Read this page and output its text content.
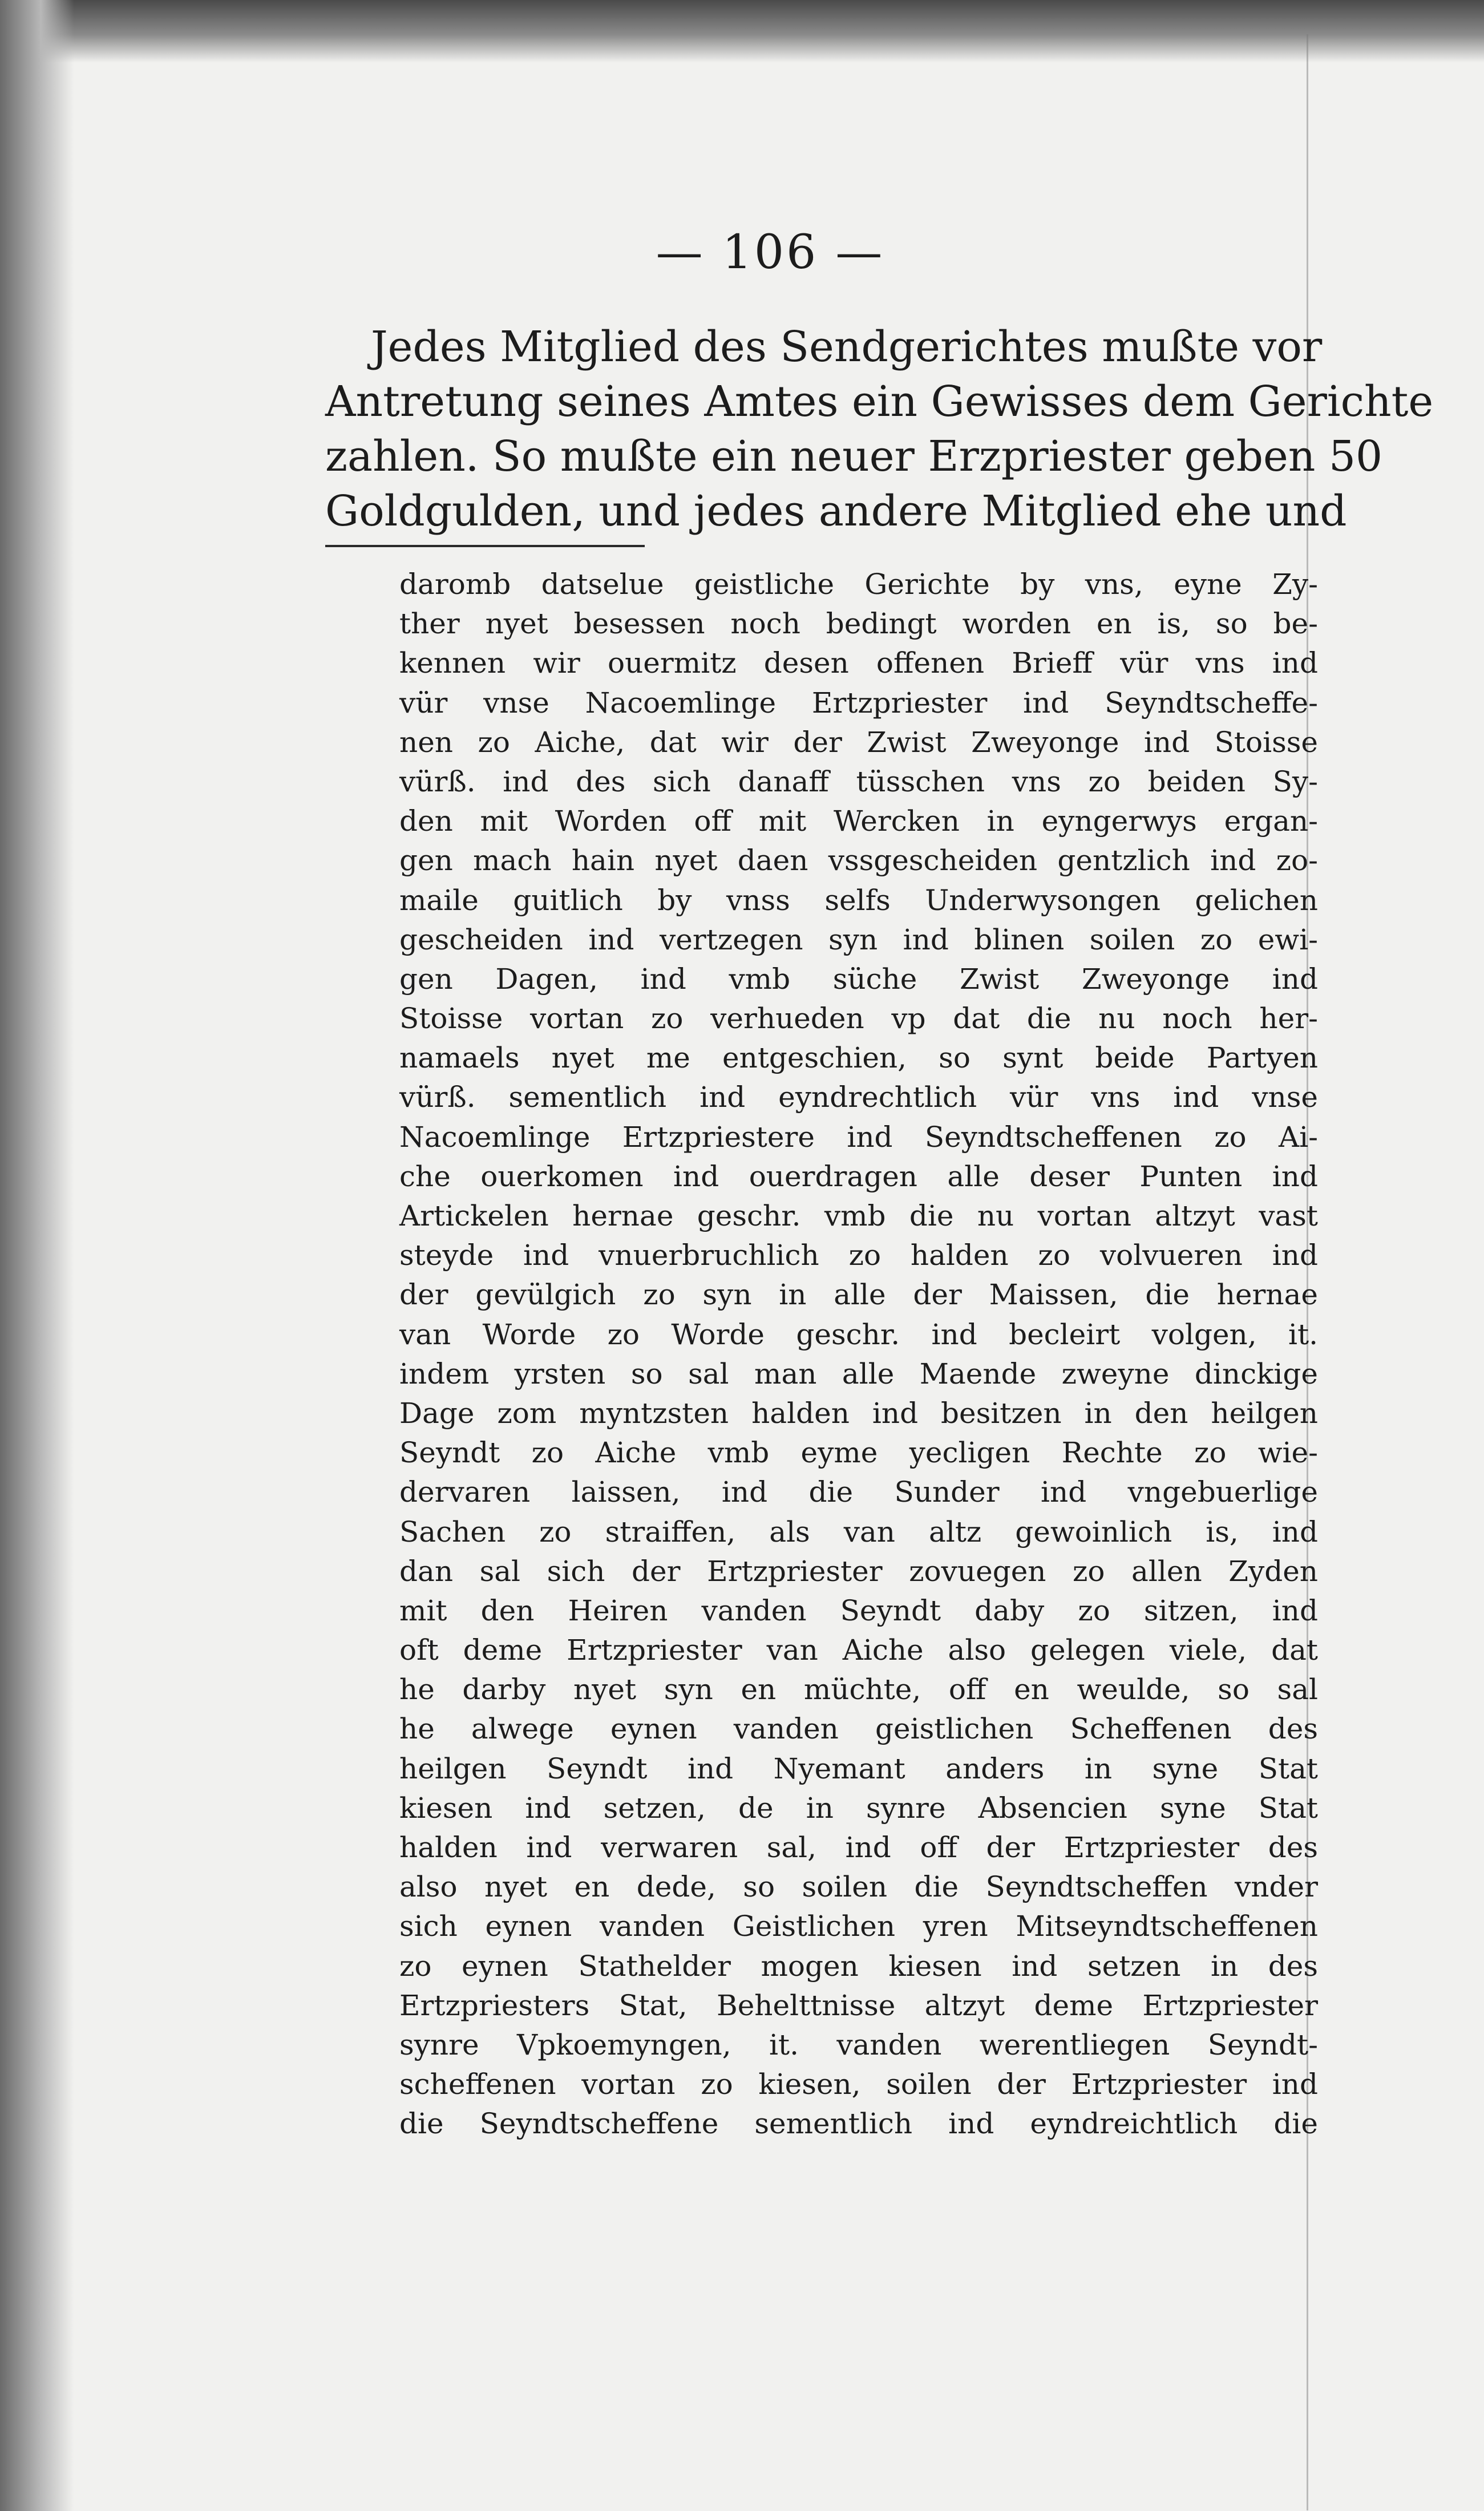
— 106 —
Jedes Mitglied des Sendgerichtes mußte vor
Antretung seines Amtes ein Gewisses dem Gerichte
zahlen. So mußte ein neuer Erzpriester geben 50
Goldgulden, und jedes andere Mitglied ehe und
daromb datselue geistliche Gerichte by vns, eyne Zy-
ther nyet besessen noch bedingt worden en is, so be-
kennen wir ouermitz desen offenen Brieff vür vns ind
vür vnse Nacoemlinge Ertzpriester ind Seyndtscheffe-
nen zo Aiche, dat wir der Zwist Zweyonge ind Stoisse
vürß. ind des sich danaff tüsschen vns zo beiden Sy-
den mit Worden off mit Wercken in eyngerwys ergan-
gen mach hain nyet daen vssgescheiden gentzlich ind zo-
maile guitlich by vnss selfs Underwysongen gelichen
gescheiden ind vertzegen syn ind blinen soilen zo ewi-
gen Dagen, ind vmb süche Zwist Zweyonge ind
Stoisse vortan zo verhueden vp dat die nu noch her-
namaels nyet me entgeschien, so synt beide Partyen
vürß. sementlich ind eyndrechtlich vür vns ind vnse
Nacoemlinge Ertzpriestere ind Seyndtscheffenen zo Ai-
che ouerkomen ind ouerdragen alle deser Punten ind
Artickelen hernae geschr. vmb die nu vortan altzyt vast
steyde ind vnuerbruchlich zo halden zo volvueren ind
der gevülgich zo syn in alle der Maissen, die hernae
van Worde zo Worde geschr. ind becleirt volgen, it.
indem yrsten so sal man alle Maende zweyne dinckige
Dage zom myntzsten halden ind besitzen in den heilgen
Seyndt zo Aiche vmb eyme yecligen Rechte zo wie-
dervaren laissen, ind die Sunder ind vngebuerlige
Sachen zo straiffen, als van altz gewoinlich is, ind
dan sal sich der Ertzpriester zovuegen zo allen Zyden
mit den Heiren vanden Seyndt daby zo sitzen, ind
oft deme Ertzpriester van Aiche also gelegen viele, dat
he darby nyet syn en müchte, off en weulde, so sal
he alwege eynen vanden geistlichen Scheffenen des
heilgen Seyndt ind Nyemant anders in syne Stat
kiesen ind setzen, de in synre Absencien syne Stat
halden ind verwaren sal, ind off der Ertzpriester des
also nyet en dede, so soilen die Seyndtscheffen vnder
sich eynen vanden Geistlichen yren Mitseyndtscheffenen
zo eynen Stathelder mogen kiesen ind setzen in des
Ertzpriesters Stat, Behelttnisse altzyt deme Ertzpriester
synre Vpkoemyngen, it. vanden werentliegen Seyndt-
scheffenen vortan zo kiesen, soilen der Ertzpriester ind
die Seyndtscheffene sementlich ind eyndreichtlich die
